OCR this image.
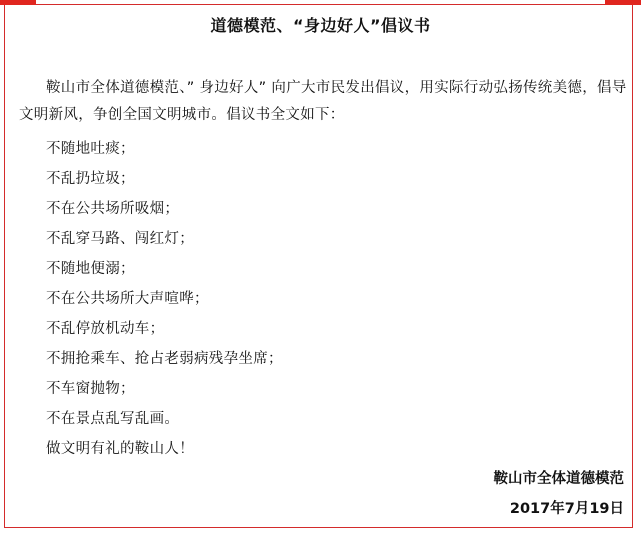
道德模范、“身边好人”倡议书
鞍山市全体道德模范、” 身边好人” 向广大市民发出倡议，用实际行动弘扬传统美德，倡导文明新风，争创全国文明城市。倡议书全文如下：
不随地吐痰；
不乱扔垃圾；
不在公共场所吸烟；
不乱穿马路、闯红灯；
不随地便溺；
不在公共场所大声喧哗；
不乱停放机动车；
不拥抢乘车、抢占老弱病残孕坐席；
不车窗抛物；
不在景点乱写乱画。
做文明有礼的鞍山人！
鞍山市全体道德模范
2017年7月19日
